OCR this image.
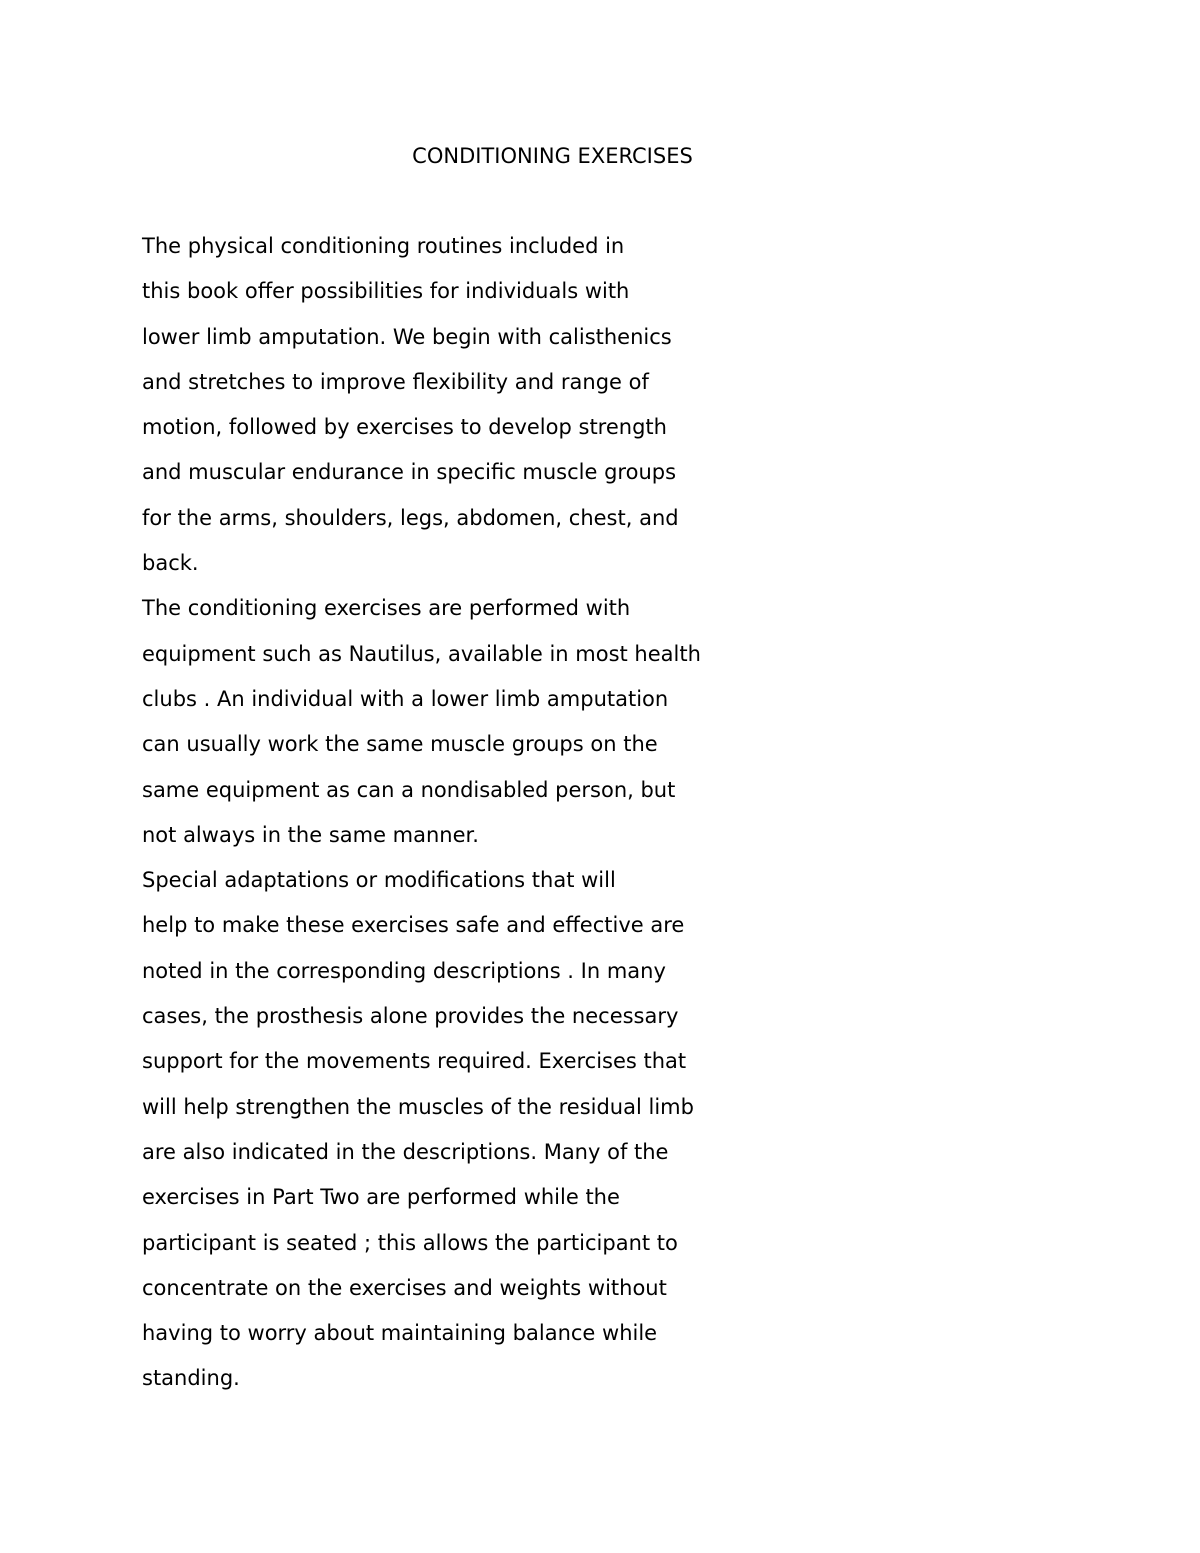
CONDITIONING EXERCISES
The physical conditioning routines included in
this book offer possibilities for individuals with
lower limb amputation. We begin with calisthenics
and stretches to improve flexibility and range of
motion, followed by exercises to develop strength
and muscular endurance in specific muscle groups
for the arms, shoulders, legs, abdomen, chest, and
back.
The conditioning exercises are performed with
equipment such as Nautilus, available in most health
clubs . An individual with a lower limb amputation
can usually work the same muscle groups on the
same equipment as can a nondisabled person, but
not always in the same manner.
Special adaptations or modifications that will
help to make these exercises safe and effective are
noted in the corresponding descriptions . In many
cases, the prosthesis alone provides the necessary
support for the movements required. Exercises that
will help strengthen the muscles of the residual limb
are also indicated in the descriptions. Many of the
exercises in Part Two are performed while the
participant is seated ; this allows the participant to
concentrate on the exercises and weights without
having to worry about maintaining balance while
standing.
